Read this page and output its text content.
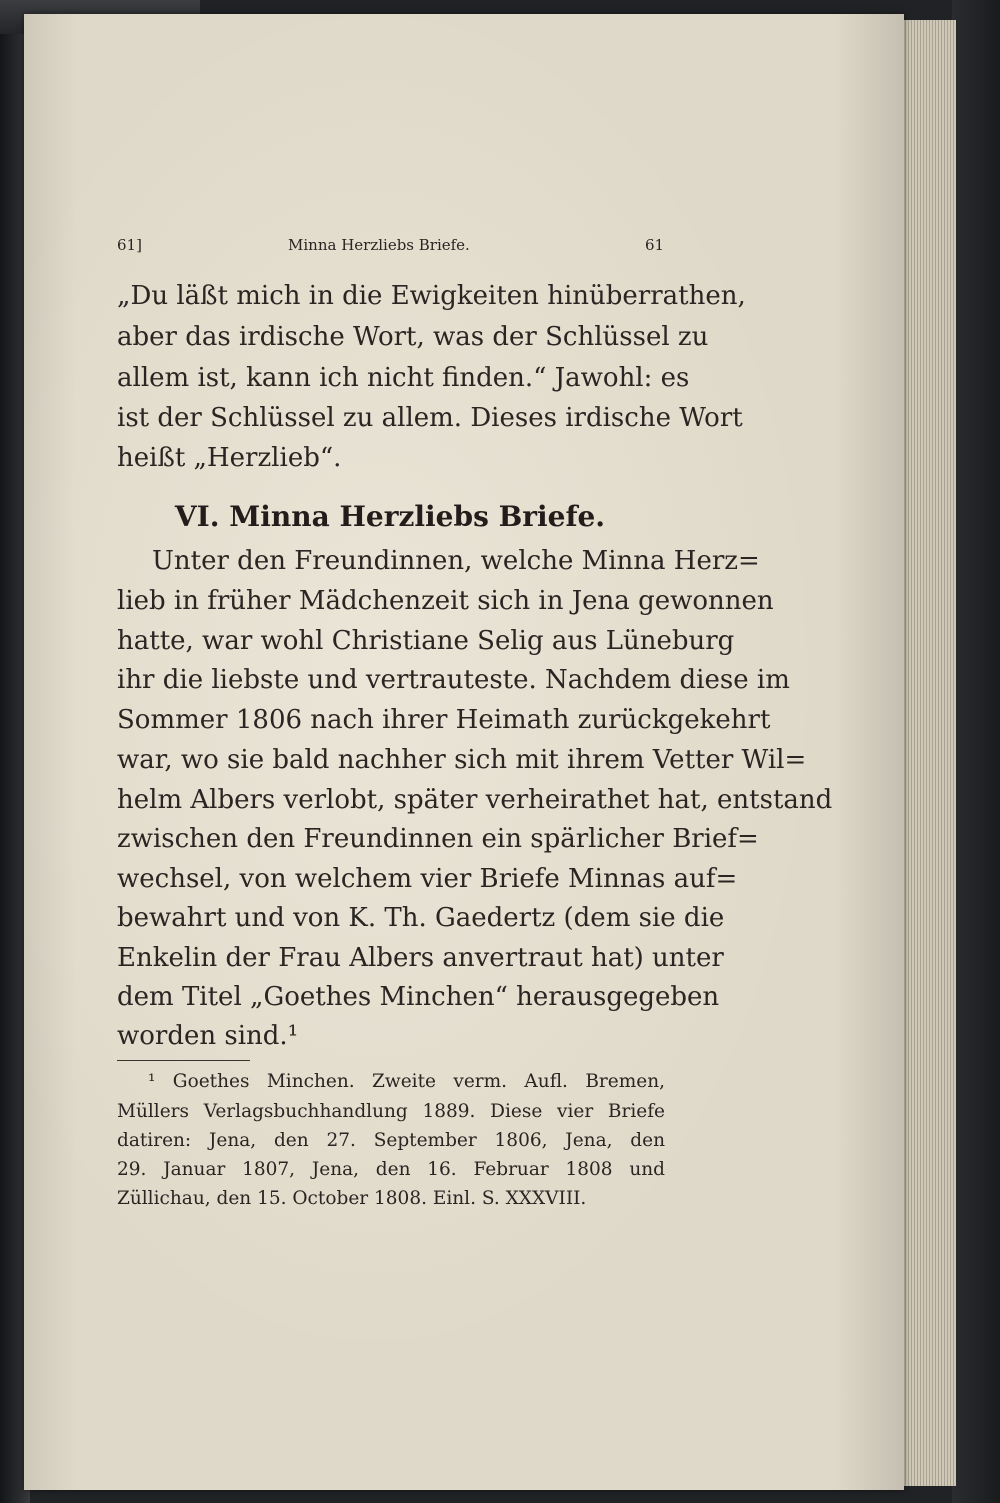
61]	Minna Herzliebs Briefe.	61

„Du läßt mich in die Ewigkeiten hinüberrathen,

aber das irdische Wort, was der Schlüssel zu

allem ist, kann ich nicht finden.“ Jawohl: es

ist der Schlüssel zu allem. Dieses irdische Wort

heißt „Herzlieb“.

VI. Minna Herzliebs Briefe.

Unter den Freundinnen, welche Minna Herz=

lieb in früher Mädchenzeit sich in Jena gewonnen

hatte, war wohl Christiane Selig aus Lüneburg

ihr die liebste und vertrauteste. Nachdem diese im

Sommer 1806 nach ihrer Heimath zurückgekehrt

war, wo sie bald nachher sich mit ihrem Vetter Wil=

helm Albers verlobt, später verheirathet hat, entstand

zwischen den Freundinnen ein spärlicher Brief=

wechsel, von welchem vier Briefe Minnas auf=

bewahrt und von K. Th. Gaedertz (dem sie die

Enkelin der Frau Albers anvertraut hat) unter

dem Titel „Goethes Minchen“ herausgegeben

worden sind.¹

¹ Goethes Minchen. Zweite verm. Aufl. Bremen,

Müllers Verlagsbuchhandlung 1889. Diese vier Briefe

datiren: Jena, den 27. September 1806, Jena, den

29. Januar 1807, Jena, den 16. Februar 1808 und

Züllichau, den 15. October 1808. Einl. S. XXXVIII.
